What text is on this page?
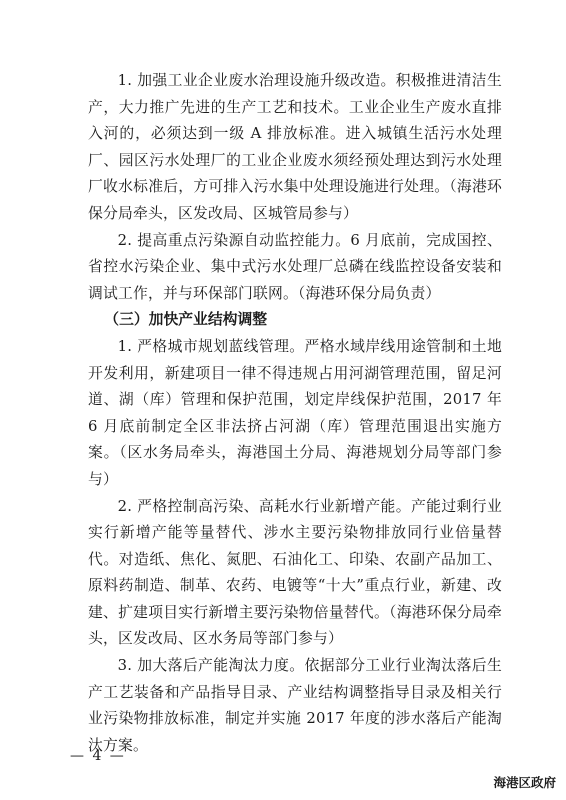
1. 加强工业企业废水治理设施升级改造。积极推进清洁生产，大力推广先进的生产工艺和技术。工业企业生产废水直排入河的，必须达到一级 A 排放标准。进入城镇生活污水处理厂、园区污水处理厂的工业企业废水须经预处理达到污水处理厂收水标准后，方可排入污水集中处理设施进行处理。（海港环保分局牵头，区发改局、区城管局参与）

2. 提高重点污染源自动监控能力。6 月底前，完成国控、省控水污染企业、集中式污水处理厂总磷在线监控设备安装和调试工作，并与环保部门联网。（海港环保分局负责）

（三）加快产业结构调整

1. 严格城市规划蓝线管理。严格水域岸线用途管制和土地开发利用，新建项目一律不得违规占用河湖管理范围，留足河道、湖（库）管理和保护范围，划定岸线保护范围，2017 年 6 月底前制定全区非法挤占河湖（库）管理范围退出实施方案。（区水务局牵头，海港国土分局、海港规划分局等部门参与）

2. 严格控制高污染、高耗水行业新增产能。产能过剩行业实行新增产能等量替代、涉水主要污染物排放同行业倍量替代。对造纸、焦化、氮肥、石油化工、印染、农副产品加工、原料药制造、制革、农药、电镀等“十大”重点行业，新建、改建、扩建项目实行新增主要污染物倍量替代。（海港环保分局牵头，区发改局、区水务局等部门参与）

3. 加大落后产能淘汰力度。依据部分工业行业淘汰落后生产工艺装备和产品指导目录、产业结构调整指导目录及相关行业污染物排放标准，制定并实施 2017 年度的涉水落后产能淘汰方案。

— 4 —
海港区政府
